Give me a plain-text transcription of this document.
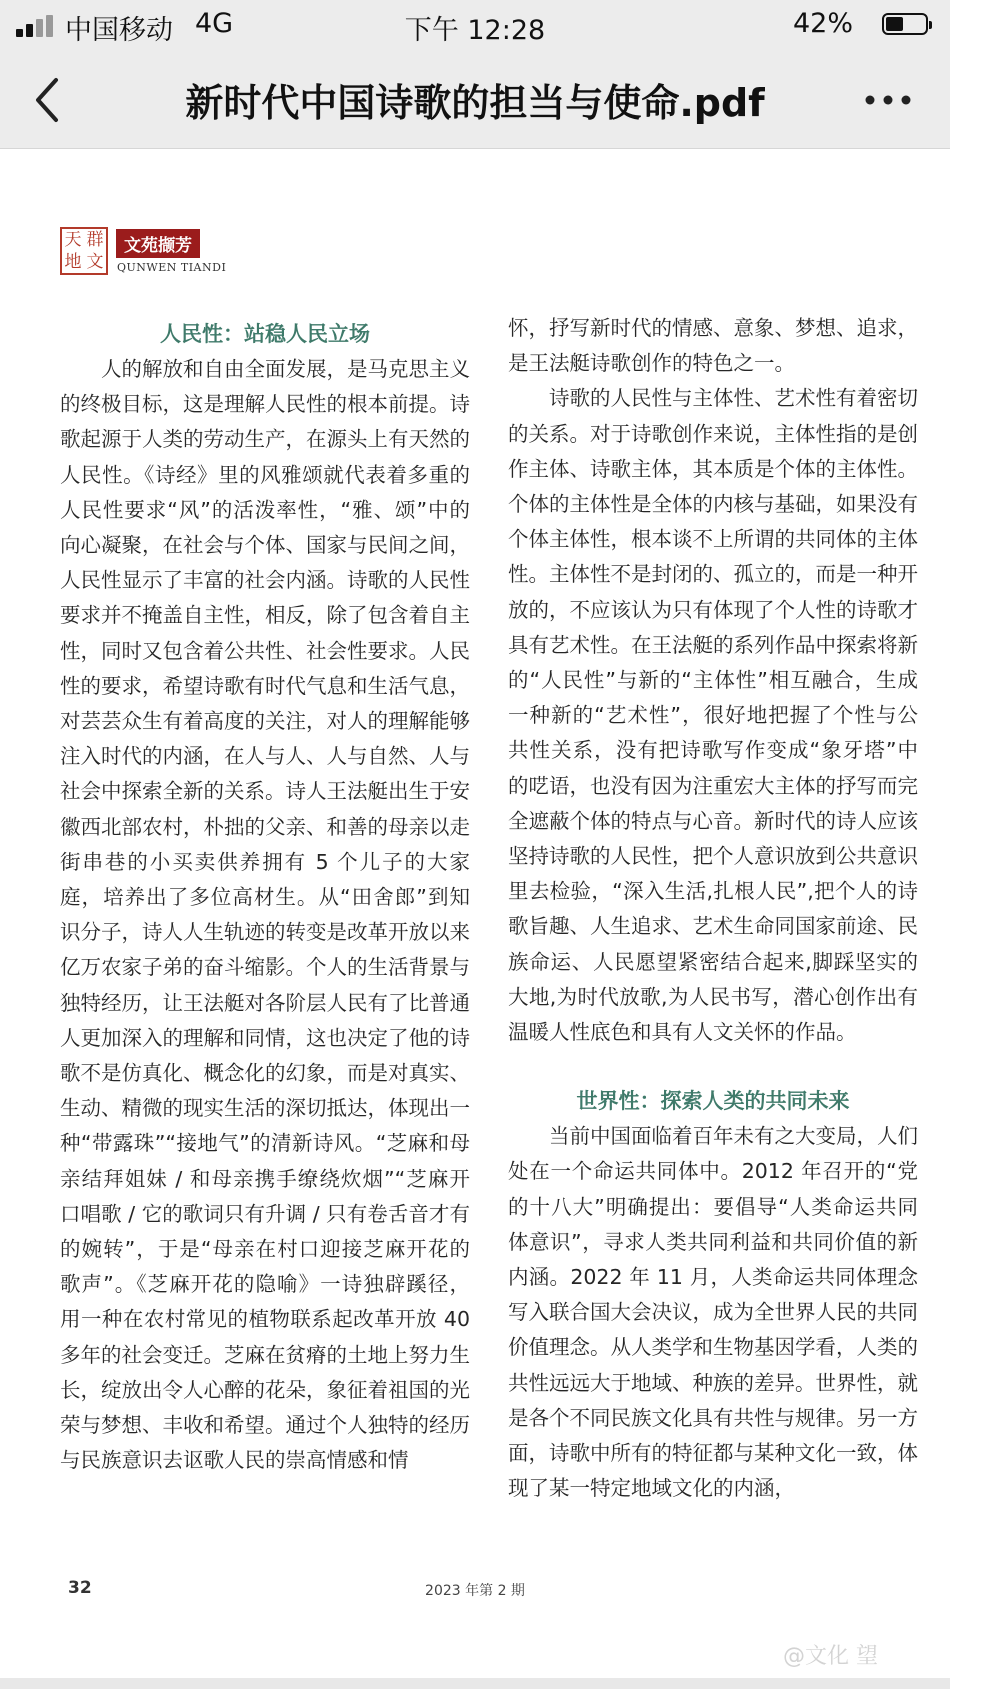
中国移动 4G	下午 12:28	42%
新时代中国诗歌的担当与使命.pdf
天 群
地 文
文苑撷芳
QUNWEN TIANDI
人民性：站稳人民立场

人的解放和自由全面发展，是马克思主义的终极目标，这是理解人民性的根本前提。诗歌起源于人类的劳动生产，在源头上有天然的人民性。《诗经》里的风雅颂就代表着多重的人民性要求“风”的活泼率性，“雅、颂”中的向心凝聚，在社会与个体、国家与民间之间，人民性显示了丰富的社会内涵。诗歌的人民性要求并不掩盖自主性，相反，除了包含着自主性，同时又包含着公共性、社会性要求。人民性的要求，希望诗歌有时代气息和生活气息，对芸芸众生有着高度的关注，对人的理解能够注入时代的内涵，在人与人、人与自然、人与社会中探索全新的关系。诗人王法艇出生于安徽西北部农村，朴拙的父亲、和善的母亲以走街串巷的小买卖供养拥有 5 个儿子的大家庭，培养出了多位高材生。从“田舍郎”到知识分子，诗人人生轨迹的转变是改革开放以来亿万农家子弟的奋斗缩影。个人的生活背景与独特经历，让王法艇对各阶层人民有了比普通人更加深入的理解和同情，这也决定了他的诗歌不是仿真化、概念化的幻象，而是对真实、生动、精微的现实生活的深切抵达，体现出一种“带露珠”“接地气”的清新诗风。“芝麻和母亲结拜姐妹 / 和母亲携手缭绕炊烟”“芝麻开口唱歌 / 它的歌词只有升调 / 只有卷舌音才有的婉转”，于是“母亲在村口迎接芝麻开花的歌声”。《芝麻开花的隐喻》一诗独辟蹊径，用一种在农村常见的植物联系起改革开放 40 多年的社会变迁。芝麻在贫瘠的土地上努力生长，绽放出令人心醉的花朵，象征着祖国的光荣与梦想、丰收和希望。通过个人独特的经历与民族意识去讴歌人民的崇高情感和情

怀，抒写新时代的情感、意象、梦想、追求，是王法艇诗歌创作的特色之一。

诗歌的人民性与主体性、艺术性有着密切的关系。对于诗歌创作来说，主体性指的是创作主体、诗歌主体，其本质是个体的主体性。个体的主体性是全体的内核与基础，如果没有个体主体性，根本谈不上所谓的共同体的主体性。主体性不是封闭的、孤立的，而是一种开放的，不应该认为只有体现了个人性的诗歌才具有艺术性。在王法艇的系列作品中探索将新的“人民性”与新的“主体性”相互融合，生成一种新的“艺术性”，很好地把握了个性与公共性关系，没有把诗歌写作变成“象牙塔”中的呓语，也没有因为注重宏大主体的抒写而完全遮蔽个体的特点与心音。新时代的诗人应该坚持诗歌的人民性，把个人意识放到公共意识里去检验，“深入生活,扎根人民”,把个人的诗歌旨趣、人生追求、艺术生命同国家前途、民族命运、人民愿望紧密结合起来,脚踩坚实的大地,为时代放歌,为人民书写，潜心创作出有温暖人性底色和具有人文关怀的作品。

世界性：探索人类的共同未来

当前中国面临着百年未有之大变局，人们处在一个命运共同体中。2012 年召开的“党的十八大”明确提出：要倡导“人类命运共同体意识”，寻求人类共同利益和共同价值的新内涵。2022 年 11 月，人类命运共同体理念写入联合国大会决议，成为全世界人民的共同价值理念。从人类学和生物基因学看，人类的共性远远大于地域、种族的差异。世界性，就是各个不同民族文化具有共性与规律。另一方面，诗歌中所有的特征都与某种文化一致，体现了某一特定地域文化的内涵，

32	2023 年第 2 期
@文化 望
